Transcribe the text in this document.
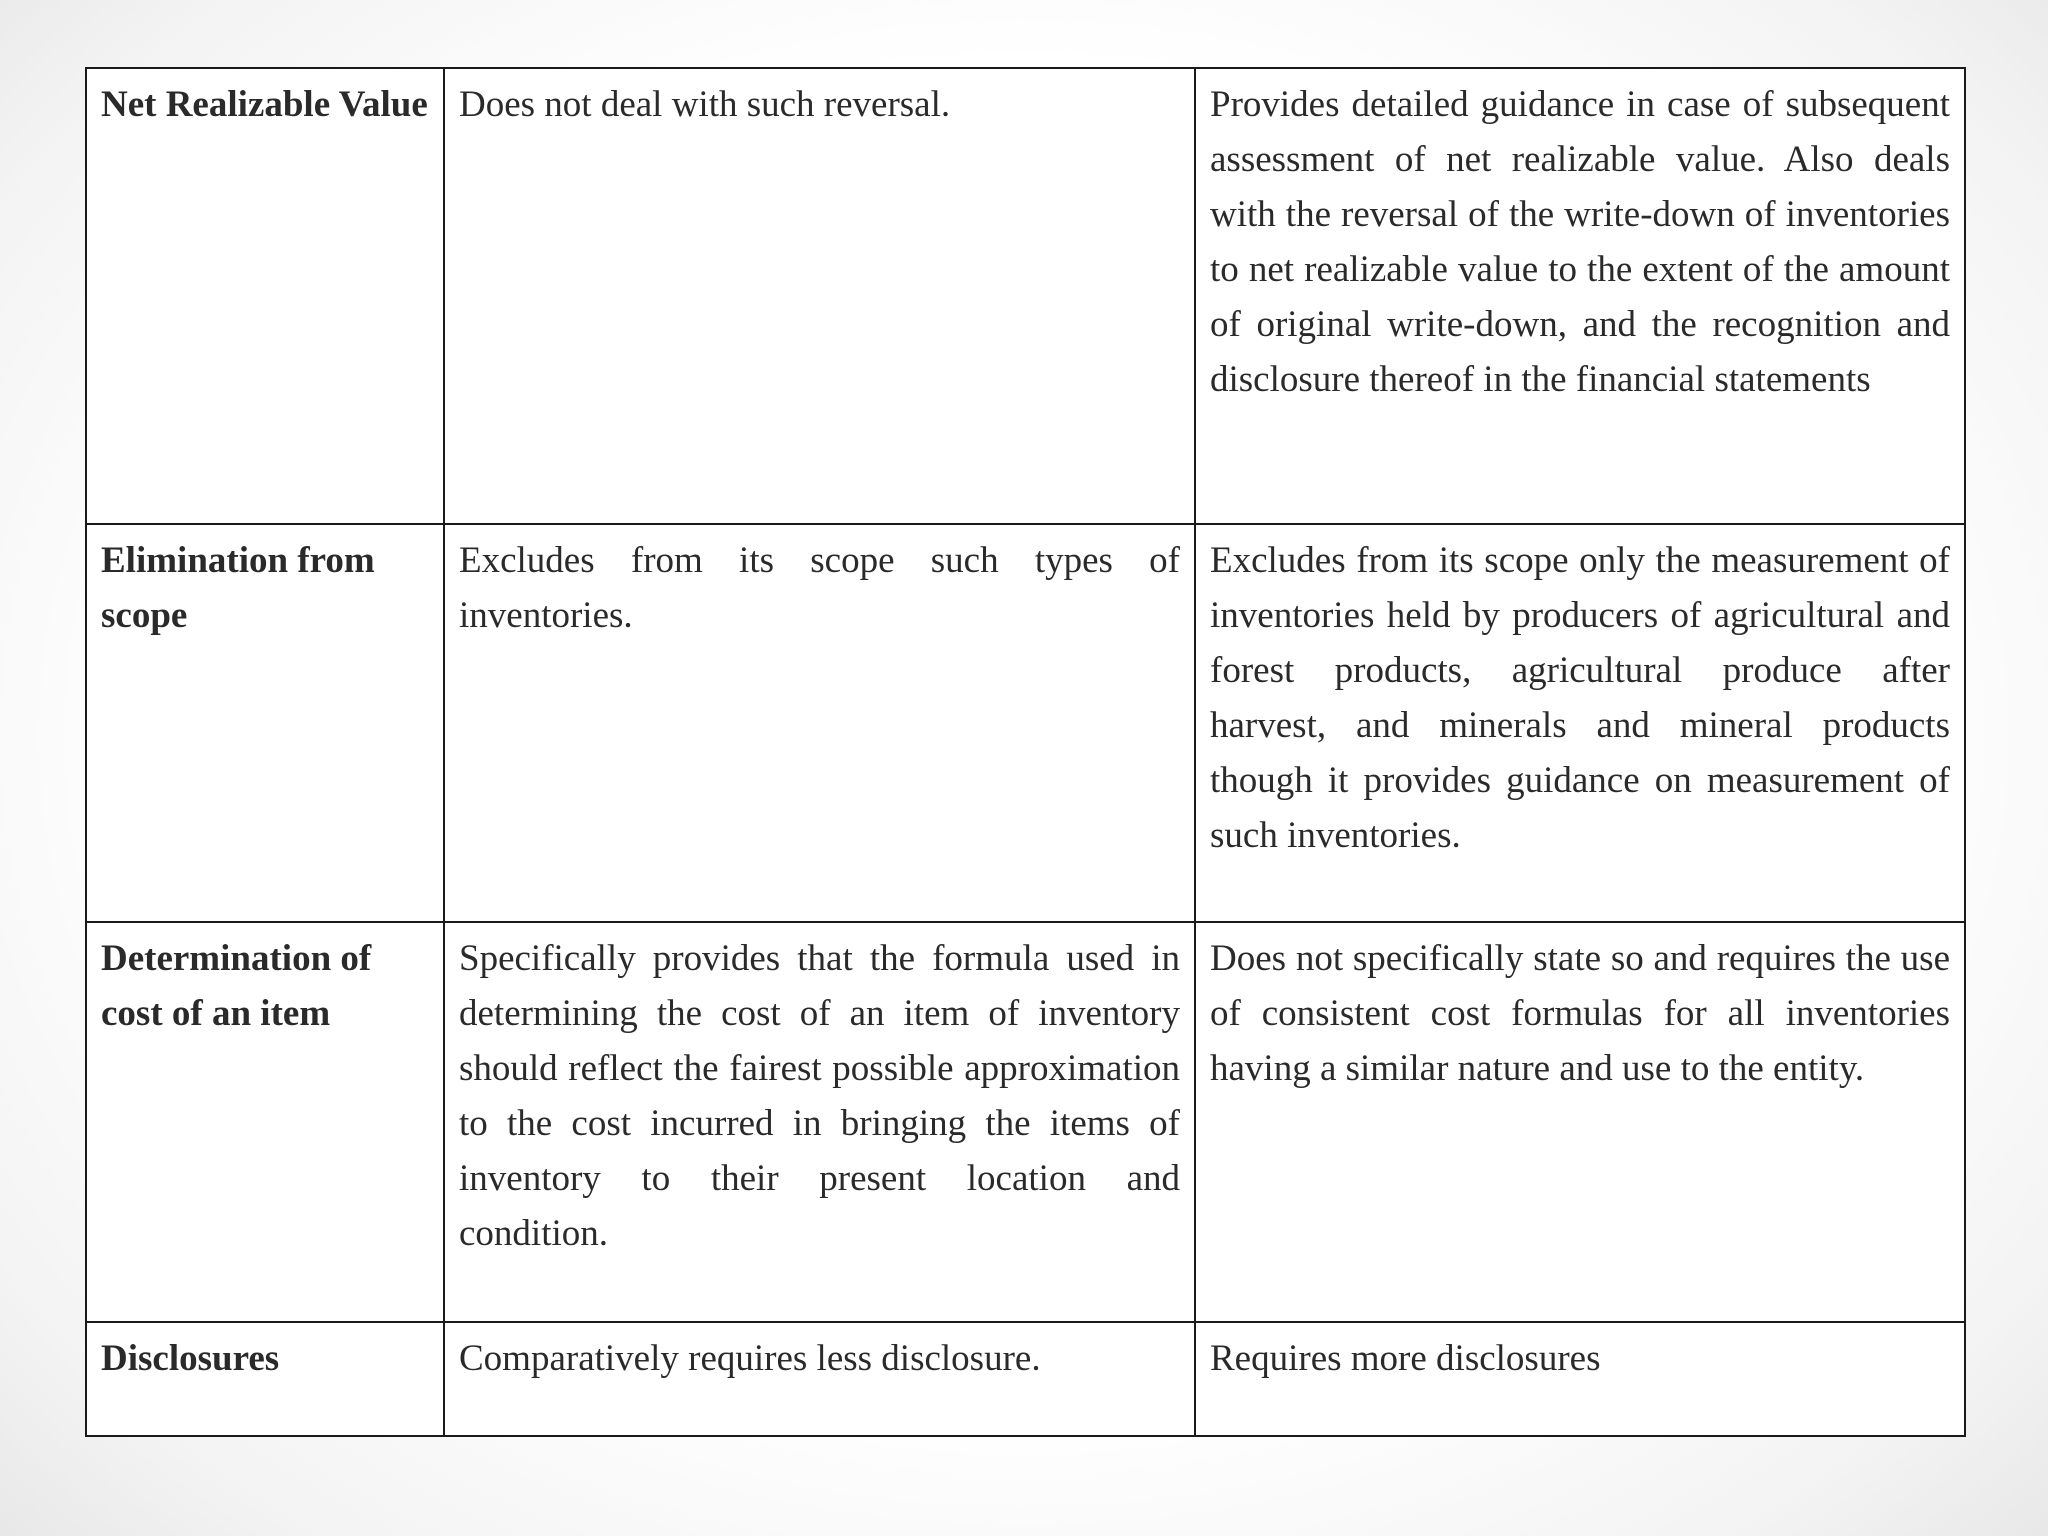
Net Realizable Value	Does not deal with such reversal.	Provides detailed guidance in case of subsequent assessment of net realizable value. Also deals with the reversal of the write-down of inventories to net realizable value to the extent of the amount of original write-down, and the recognition and disclosure thereof in the financial statements
Elimination from scope	Excludes from its scope such types of inventories.	Excludes from its scope only the measurement of inventories held by producers of agricultural and forest products, agricultural produce after harvest, and minerals and mineral products though it provides guidance on measurement of such inventories.
Determination of cost of an item	Specifically provides that the formula used in determining the cost of an item of inventory should reflect the fairest possible approximation to the cost incurred in bringing the items of inventory to their present location and condition.	Does not specifically state so and requires the use of consistent cost formulas for all inventories having a similar nature and use to the entity.
Disclosures	Comparatively requires less disclosure.	Requires more disclosures
